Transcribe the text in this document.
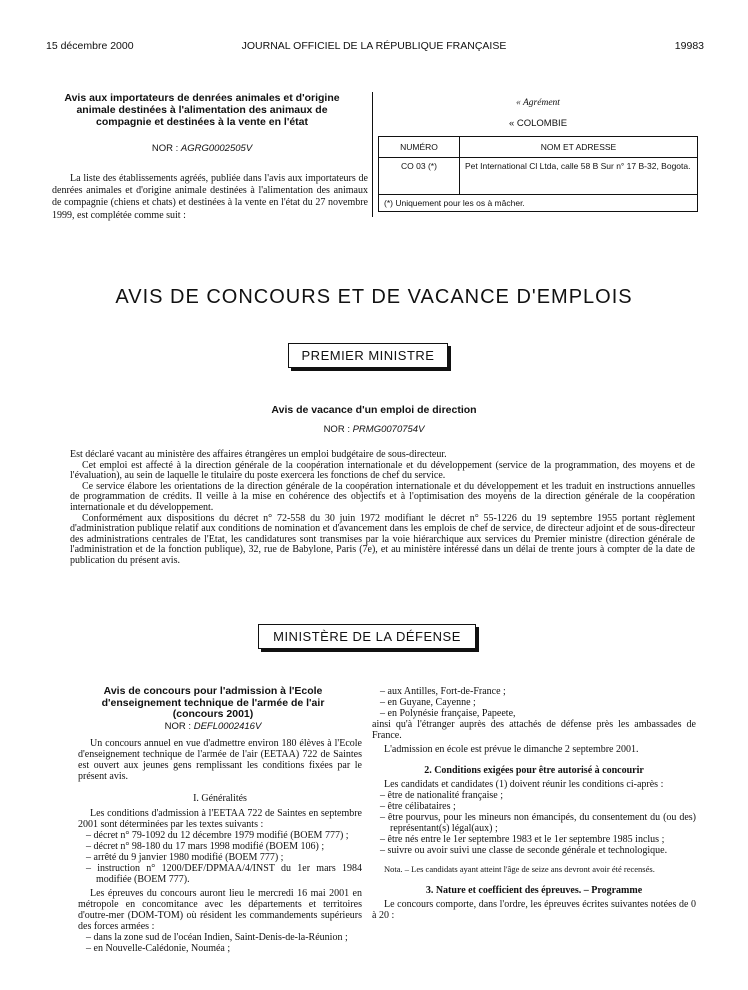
15 décembre 2000	JOURNAL OFFICIEL DE LA RÉPUBLIQUE FRANÇAISE	19983
Avis aux importateurs de denrées animales et d'origine animale destinées à l'alimentation des animaux de compagnie et destinées à la vente en l'état
NOR : AGRG0002505V

La liste des établissements agréés, publiée dans l'avis aux importateurs de denrées animales et d'origine animale destinées à l'alimentation des animaux de compagnie (chiens et chats) et destinées à la vente en l'état du 27 novembre 1999, est complétée comme suit :

« Agrément
« COLOMBIE
NUMÉRO	NOM ET ADRESSE
CO 03 (*)	Pet International Cl Ltda, calle 58 B Sur n° 17 B-32, Bogota.
(*) Uniquement pour les os à mâcher.	
AVIS DE CONCOURS ET DE VACANCE D'EMPLOIS
PREMIER MINISTRE
Avis de vacance d'un emploi de direction
NOR : PRMG0070754V

Est déclaré vacant au ministère des affaires étrangères un emploi budgétaire de sous-directeur.

Cet emploi est affecté à la direction générale de la coopération internationale et du développement (service de la programmation, des moyens et de l'évaluation), au sein de laquelle le titulaire du poste exercera les fonctions de chef du service.

Ce service élabore les orientations de la direction générale de la coopération internationale et du développement et les traduit en instructions annuelles de programmation de crédits. Il veille à la mise en cohérence des objectifs et à l'optimisation des moyens de la direction générale de la coopération internationale et du développement.

Conformément aux dispositions du décret n° 72-558 du 30 juin 1972 modifiant le décret n° 55-1226 du 19 septembre 1955 portant règlement d'administration publique relatif aux conditions de nomination et d'avancement dans les emplois de chef de service, de directeur adjoint et de sous-directeur des administrations centrales de l'Etat, les candidatures sont transmises par la voie hiérarchique aux services du Premier ministre (direction générale de l'administration et de la fonction publique), 32, rue de Babylone, Paris (7e), et au ministère intéressé dans un délai de trente jours à compter de la date de publication du présent avis.

MINISTÈRE DE LA DÉFENSE
Avis de concours pour l'admission à l'Ecole d'enseignement technique de l'armée de l'air (concours 2001)
NOR : DEFL0002416V

Un concours annuel en vue d'admettre environ 180 élèves à l'Ecole d'enseignement technique de l'armée de l'air (EETAA) 722 de Saintes est ouvert aux jeunes gens remplissant les conditions fixées par le présent avis.

I. Généralités

Les conditions d'admission à l'EETAA 722 de Saintes en septembre 2001 sont déterminées par les textes suivants :

– décret n° 79-1092 du 12 décembre 1979 modifié (BOEM 777) ;

– décret n° 98-180 du 17 mars 1998 modifié (BOEM 106) ;

– arrêté du 9 janvier 1980 modifié (BOEM 777) ;

– instruction n° 1200/DEF/DPMAA/4/INST du 1er mars 1984 modifiée (BOEM 777).

Les épreuves du concours auront lieu le mercredi 16 mai 2001 en métropole en concomitance avec les départements et territoires d'outre-mer (DOM-TOM) où résident les commandements supérieurs des forces armées :

– dans la zone sud de l'océan Indien, Saint-Denis-de-la-Réunion ;

– en Nouvelle-Calédonie, Nouméa ;

– aux Antilles, Fort-de-France ;

– en Guyane, Cayenne ;

– en Polynésie française, Papeete,

ainsi qu'à l'étranger auprès des attachés de défense près les ambassades de France.

L'admission en école est prévue le dimanche 2 septembre 2001.

2. Conditions exigées pour être autorisé à concourir

Les candidats et candidates (1) doivent réunir les conditions ci-après :

– être de nationalité française ;

– être célibataires ;

– être pourvus, pour les mineurs non émancipés, du consentement du (ou des) représentant(s) légal(aux) ;

– être nés entre le 1er septembre 1983 et le 1er septembre 1985 inclus ;

– suivre ou avoir suivi une classe de seconde générale et technologique.

Nota. – Les candidats ayant atteint l'âge de seize ans devront avoir été recensés.

3. Nature et coefficient des épreuves. – Programme

Le concours comporte, dans l'ordre, les épreuves écrites suivantes notées de 0 à 20 :
